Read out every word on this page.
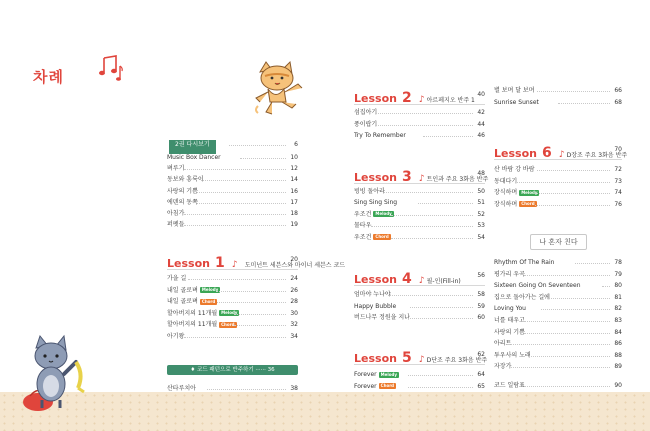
차례
2권 다시보기	6
Music Box Dancer	10
벼루기	12
동보와 흥룩이	14
사랑의 기쁨	16
에덴의 동쪽	17
아침가	18
퍼펫들	19
Lesson 1 ♪ 도미넌트 세븐스와 마이너 세븐스 코드
20
가을 길	24
내일 골로벼 Melody	26
내일 골로벼 Chord	28
할아버지의 11개월 Melody	30
할아버지의 11개월 Chord	32
아기왕	34
♦ 코드 패턴으로 반주하기 ······ 36
산타루치아	38
Lesson 2 ♪ 아르페지오 반주 1
40
섬집아기	42
풍이랍기	44
Try To Remember	46
Lesson 3 ♪ 트인과 주요 3화음 반주
48
빙빙 돌아라	50
Sing Sing Sing	51
우조건 Melody	52
물타우	53
우조건 Chord	54
Lesson 4 ♪ 필-인(Fill-in)
56
엄마야 누나야	58
Happy Bubble	59
버드나무 정원을 지나	60
Lesson 5 ♪ D단조 주요 3화음 반주
62
Forever Melody	64
Forever Chord	65
별 보며 달 보며	66
Sunrise Sunset	68
Lesson 6 ♪ D장조 주요 3화음 반주
70
산 바람 강 바람	72
동대다기	73
장식하며 Melody	74
장식하며 Chord	76
Rhythm Of The Rain	78
평가리 우곡	79
Sixteen Going On Seventeen	80
집으로 돌아가는 길에	81
Loving You	82
너를 태우고	83
사랑의 기쁨	84
아리트	86
투우사의 노래	88
자장가	89
코드 일람표	90
나 혼자 친다
